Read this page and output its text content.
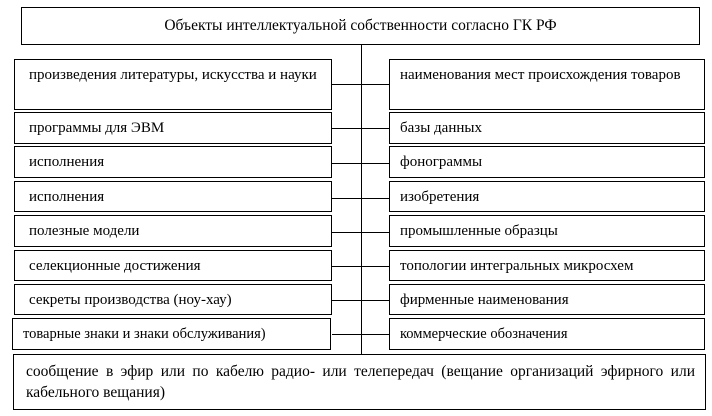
Объекты интеллектуальной собственности согласно ГК РФ
произведения литературы, искусства и науки
программы для ЭВМ
исполнения
исполнения
полезные модели
селекционные достижения
секреты производства (ноу-хау)
товарные знаки и знаки обслуживания)
наименования мест происхождения товаров
базы данных
фонограммы
изобретения
промышленные образцы
топологии интегральных микросхем
фирменные наименования
коммерческие обозначения
сообщение в эфир или по кабелю радио- или телепередач (вещание организаций эфирного или кабельного вещания)
